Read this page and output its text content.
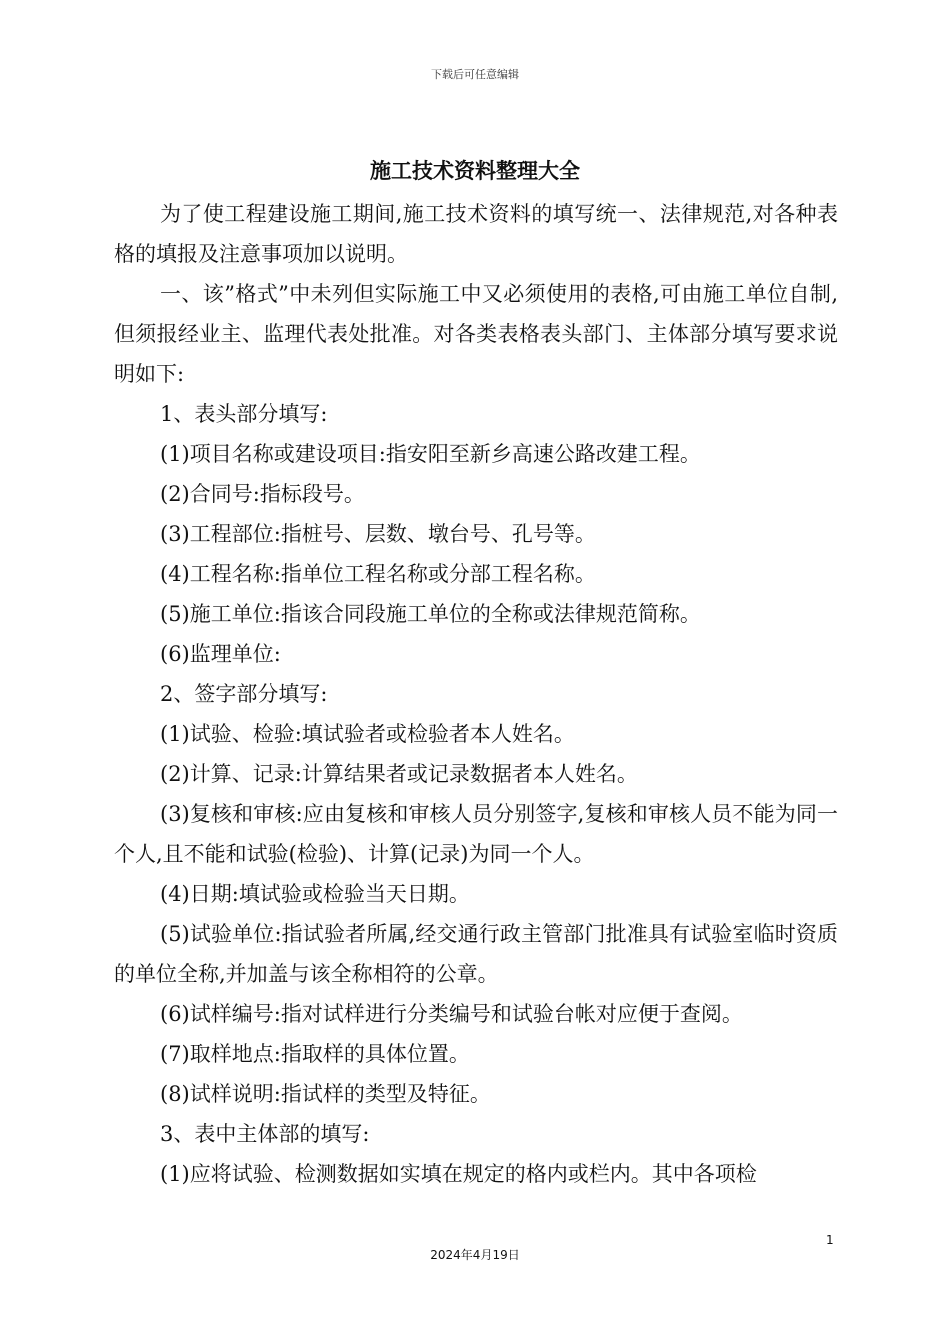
下载后可任意编辑
施工技术资料整理大全

为了使工程建设施工期间,施工技术资料的填写统一、法律规范,对各种表格的填报及注意事项加以说明。

一、该”格式”中未列但实际施工中又必须使用的表格,可由施工单位自制,但须报经业主、监理代表处批准。对各类表格表头部门、主体部分填写要求说明如下:

1、表头部分填写:

(1)项目名称或建设项目:指安阳至新乡高速公路改建工程。

(2)合同号:指标段号。

(3)工程部位:指桩号、层数、墩台号、孔号等。

(4)工程名称:指单位工程名称或分部工程名称。

(5)施工单位:指该合同段施工单位的全称或法律规范简称。

(6)监理单位:

2、签字部分填写:

(1)试验、检验:填试验者或检验者本人姓名。

(2)计算、记录:计算结果者或记录数据者本人姓名。

(3)复核和审核:应由复核和审核人员分别签字,复核和审核人员不能为同一个人,且不能和试验(检验)、计算(记录)为同一个人。

(4)日期:填试验或检验当天日期。

(5)试验单位:指试验者所属,经交通行政主管部门批准具有试验室临时资质的单位全称,并加盖与该全称相符的公章。

(6)试样编号:指对试样进行分类编号和试验台帐对应便于查阅。

(7)取样地点:指取样的具体位置。

(8)试样说明:指试样的类型及特征。

3、表中主体部的填写:

(1)应将试验、检测数据如实填在规定的格内或栏内。其中各项检

1
2024年4月19日
